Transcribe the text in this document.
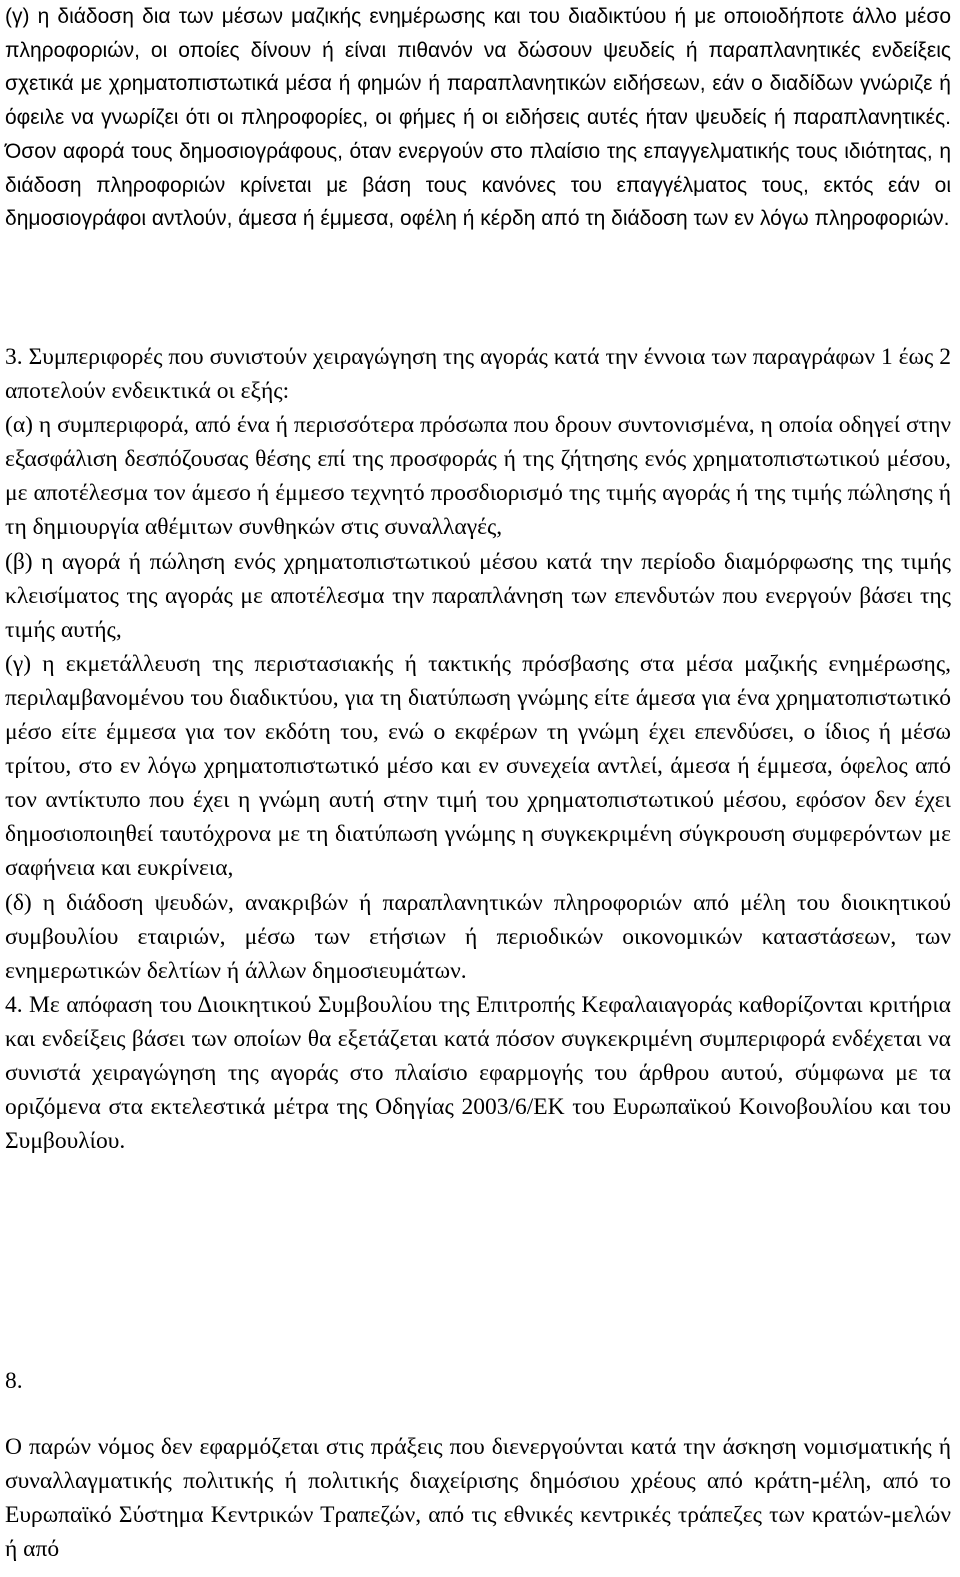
(γ) η διάδοση δια των μέσων μαζικής ενημέρωσης και του διαδικτύου ή με οποιοδήποτε άλλο μέσο πληροφοριών, οι οποίες δίνουν ή είναι πιθανόν να δώσουν ψευδείς ή παραπλανητικές ενδείξεις σχετικά με χρηματοπιστωτικά μέσα ή φημών ή παραπλανητικών ειδήσεων, εάν ο διαδίδων γνώριζε ή όφειλε να γνωρίζει ότι οι πληροφορίες, οι φήμες ή οι ειδήσεις αυτές ήταν ψευδείς ή παραπλανητικές. Όσον αφορά τους δημοσιογράφους, όταν ενεργούν στο πλαίσιο της επαγγελματικής τους ιδιότητας, η διάδοση πληροφοριών κρίνεται με βάση τους κανόνες του επαγγέλματος τους, εκτός εάν οι δημοσιογράφοι αντλούν, άμεσα ή έμμεσα, οφέλη ή κέρδη από τη διάδοση των εν λόγω πληροφοριών.

3. Συμπεριφορές που συνιστούν χειραγώγηση της αγοράς κατά την έννοια των παραγράφων 1 έως 2 αποτελούν ενδεικτικά οι εξής:

(α) η συμπεριφορά, από ένα ή περισσότερα πρόσωπα που δρουν συντονισμένα, η οποία οδηγεί στην εξασφάλιση δεσπόζουσας θέσης επί της προσφοράς ή της ζήτησης ενός χρηματοπιστωτικού μέσου, με αποτέλεσμα τον άμεσο ή έμμεσο τεχνητό προσδιορισμό της τιμής αγοράς ή της τιμής πώλησης ή τη δημιουργία αθέμιτων συνθηκών στις συναλλαγές,

(β) η αγορά ή πώληση ενός χρηματοπιστωτικού μέσου κατά την περίοδο διαμόρφωσης της τιμής κλεισίματος της αγοράς με αποτέλεσμα την παραπλάνηση των επενδυτών που ενεργούν βάσει της τιμής αυτής,

(γ) η εκμετάλλευση της περιστασιακής ή τακτικής πρόσβασης στα μέσα μαζικής ενημέρωσης, περιλαμβανομένου του διαδικτύου, για τη διατύπωση γνώμης είτε άμεσα για ένα χρηματοπιστωτικό μέσο είτε έμμεσα για τον εκδότη του, ενώ ο εκφέρων τη γνώμη έχει επενδύσει, ο ίδιος ή μέσω τρίτου, στο εν λόγω χρηματοπιστωτικό μέσο και εν συνεχεία αντλεί, άμεσα ή έμμεσα, όφελος από τον αντίκτυπο που έχει η γνώμη αυτή στην τιμή του χρηματοπιστωτικού μέσου, εφόσον δεν έχει δημοσιοποιηθεί ταυτόχρονα με τη διατύπωση γνώμης η συγκεκριμένη σύγκρουση συμφερόντων με σαφήνεια και ευκρίνεια,

(δ) η διάδοση ψευδών, ανακριβών ή παραπλανητικών πληροφοριών από μέλη του διοικητικού συμβουλίου εταιριών, μέσω των ετήσιων ή περιοδικών οικονομικών καταστάσεων, των ενημερωτικών δελτίων ή άλλων δημοσιευμάτων.

4. Με απόφαση του Διοικητικού Συμβουλίου της Επιτροπής Κεφαλαιαγοράς καθορίζονται κριτήρια και ενδείξεις βάσει των οποίων θα εξετάζεται κατά πόσον συγκεκριμένη συμπεριφορά ενδέχεται να συνιστά χειραγώγηση της αγοράς στο πλαίσιο εφαρμογής του άρθρου αυτού, σύμφωνα με τα οριζόμενα στα εκτελεστικά μέτρα της Οδηγίας 2003/6/ΕΚ του Ευρωπαϊκού Κοινοβουλίου και του Συμβουλίου.

8.

Ο παρών νόμος δεν εφαρμόζεται στις πράξεις που διενεργούνται κατά την άσκηση νομισματικής ή συναλλαγματικής πολιτικής ή πολιτικής διαχείρισης δημόσιου χρέους από κράτη-μέλη, από το Ευρωπαϊκό Σύστημα Κεντρικών Τραπεζών, από τις εθνικές κεντρικές τράπεζες των κρατών-μελών ή από
